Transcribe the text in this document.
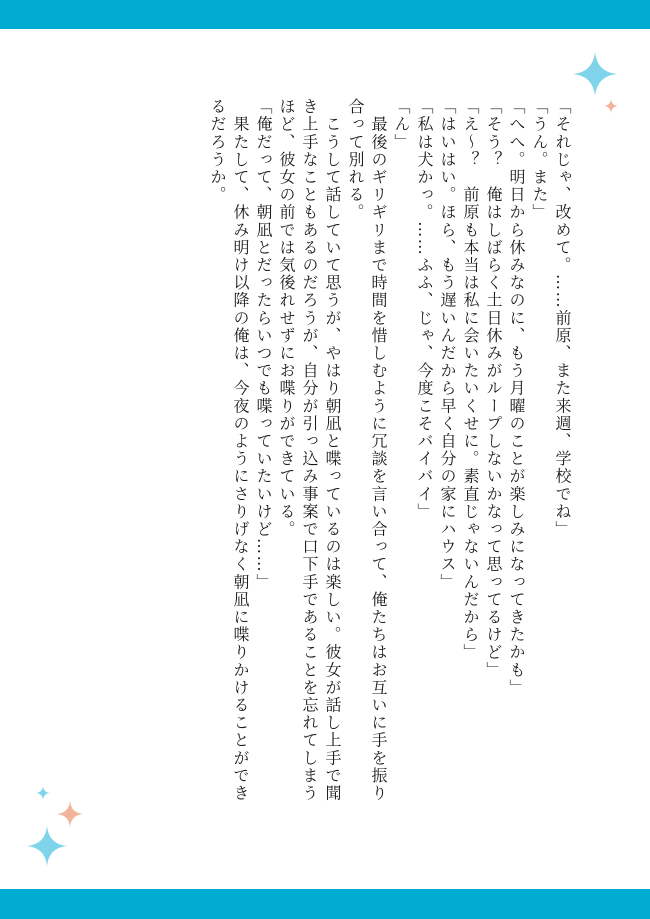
「それじゃ、改めて。……前原、また来週、学校でね」
「うん。また」
「へへ。明日から休みなのに、もう月曜のことが楽しみになってきたかも」
「そう？　俺はしばらく土日休みがループしないかなって思ってるけど」
「え～？　前原も本当は私に会いたいくせに。素直じゃないんだから」
「はいはい。ほら、もう遅いんだから早く自分の家にハウス」
「私は犬かっ。……ふふ、じゃ、今度こそバイバイ」
「ん」
　最後のギリギリまで時間を惜しむように冗談を言い合って、俺たちはお互いに手を振り
合って別れる。
　こうして話していて思うが、やはり朝凪と喋っているのは楽しい。彼女が話し上手で聞
き上手なこともあるのだろうが、自分が引っ込み事案で口下手であることを忘れてしまう
ほど、彼女の前では気後れせずにお喋りができている。
「俺だって、朝凪とだったらいつでも喋っていたいけど……」
　果たして、休み明け以降の俺は、今夜のようにさりげなく朝凪に喋りかけることができ
るだろうか。
